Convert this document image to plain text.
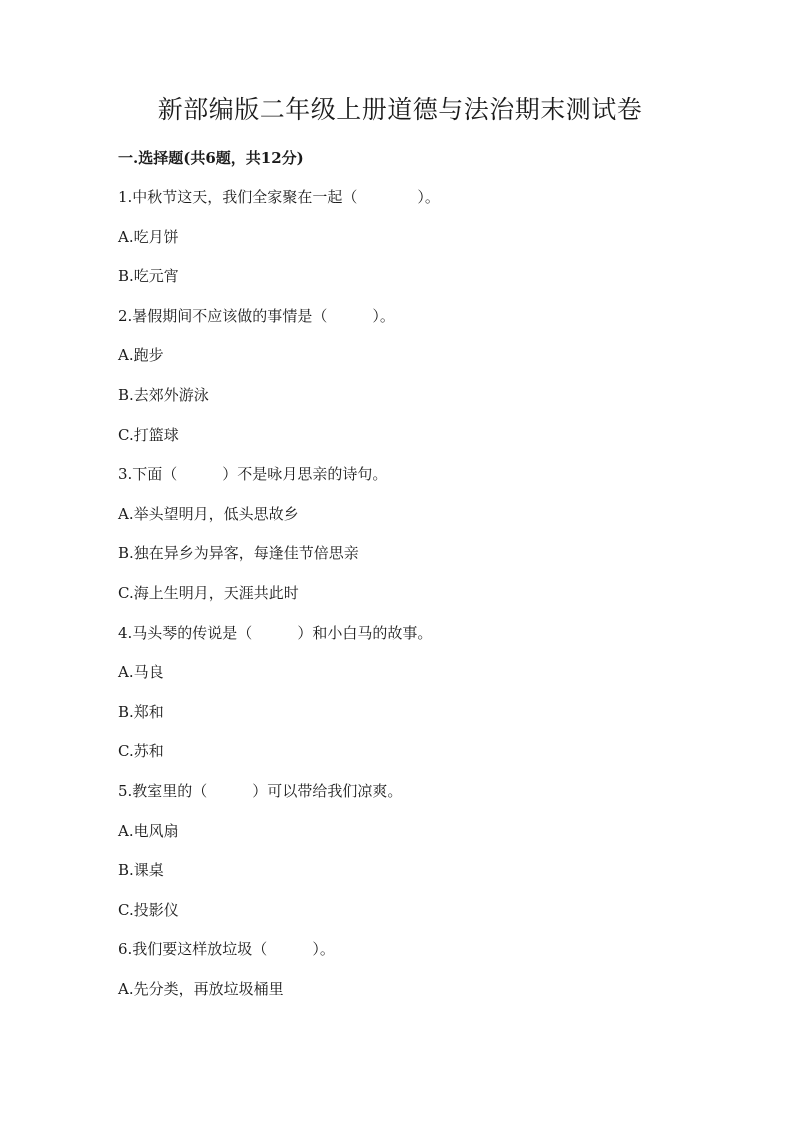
新部编版二年级上册道德与法治期末测试卷
一.选择题(共6题，共12分)
1.中秋节这天，我们全家聚在一起（　　　　）。
A.吃月饼
B.吃元宵
2.暑假期间不应该做的事情是（　　　）。
A.跑步
B.去郊外游泳
C.打篮球
3.下面（　　　）不是咏月思亲的诗句。
A.举头望明月，低头思故乡
B.独在异乡为异客，每逢佳节倍思亲
C.海上生明月，天涯共此时
4.马头琴的传说是（　　　）和小白马的故事。
A.马良
B.郑和
C.苏和
5.教室里的（　　　）可以带给我们凉爽。
A.电风扇
B.课桌
C.投影仪
6.我们要这样放垃圾（　　　）。
A.先分类，再放垃圾桶里
